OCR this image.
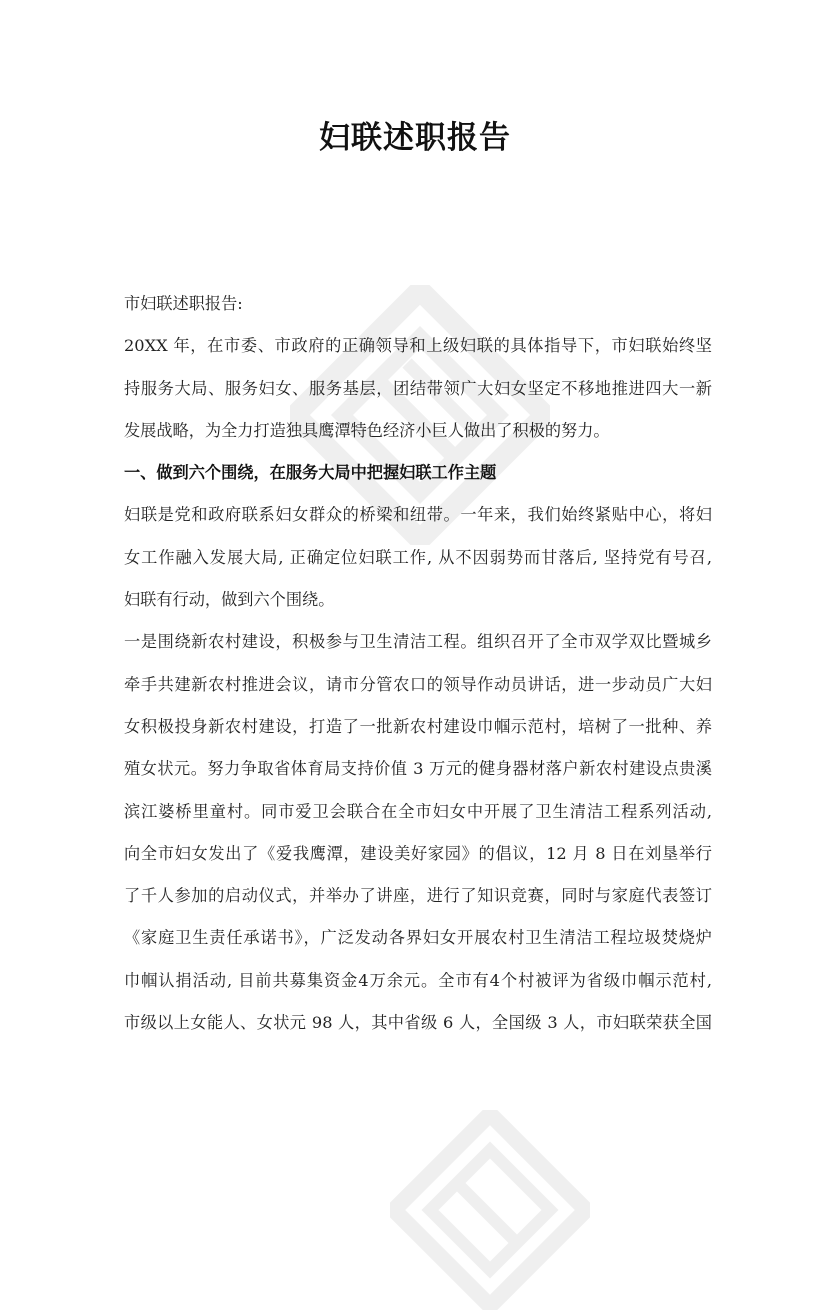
妇联述职报告
市妇联述职报告:
20XX 年，在市委、市政府的正确领导和上级妇联的具体指导下，市妇联始终坚
持服务大局、服务妇女、服务基层，团结带领广大妇女坚定不移地推进四大一新
发展战略，为全力打造独具鹰潭特色经济小巨人做出了积极的努力。
一、做到六个围绕，在服务大局中把握妇联工作主题
妇联是党和政府联系妇女群众的桥梁和纽带。一年来，我们始终紧贴中心，将妇
女工作融入发展大局, 正确定位妇联工作, 从不因弱势而甘落后, 坚持党有号召,
妇联有行动，做到六个围绕。
一是围绕新农村建设，积极参与卫生清洁工程。组织召开了全市双学双比暨城乡
牵手共建新农村推进会议，请市分管农口的领导作动员讲话，进一步动员广大妇
女积极投身新农村建设，打造了一批新农村建设巾帼示范村，培树了一批种、养
殖女状元。努力争取省体育局支持价值 3 万元的健身器材落户新农村建设点贵溪
滨江婆桥里童村。同市爱卫会联合在全市妇女中开展了卫生清洁工程系列活动,
向全市妇女发出了《爱我鹰潭，建设美好家园》的倡议，12 月 8 日在刘垦举行
了千人参加的启动仪式，并举办了讲座，进行了知识竞赛，同时与家庭代表签订
《家庭卫生责任承诺书》，广泛发动各界妇女开展农村卫生清洁工程垃圾焚烧炉
巾帼认捐活动, 目前共募集资金4万余元。全市有4个村被评为省级巾帼示范村,
市级以上女能人、女状元 98 人，其中省级 6 人，全国级 3 人，市妇联荣获全国
